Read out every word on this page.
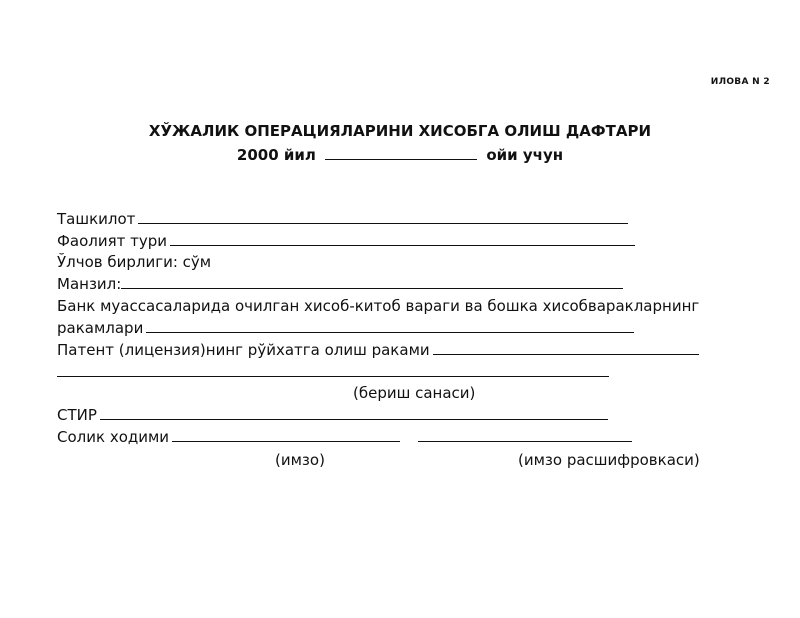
ИЛОВА N 2
ХЎЖАЛИК ОПЕРАЦИЯЛАРИНИ ХИСОБГА ОЛИШ ДАФТАРИ
2000 йил	ойи учун
Ташкилот
Фаолият тури
Ўлчов бирлиги: сўм
Манзил:
Банк муассасаларида очилган хисоб-китоб вараги ва бошка хисобваракларнинг
ракамлари
Патент (лицензия)нинг рўйхатга олиш раками
(бериш санаси)
СТИР
Солик ходими
(имзо)	(имзо расшифровкаси)
